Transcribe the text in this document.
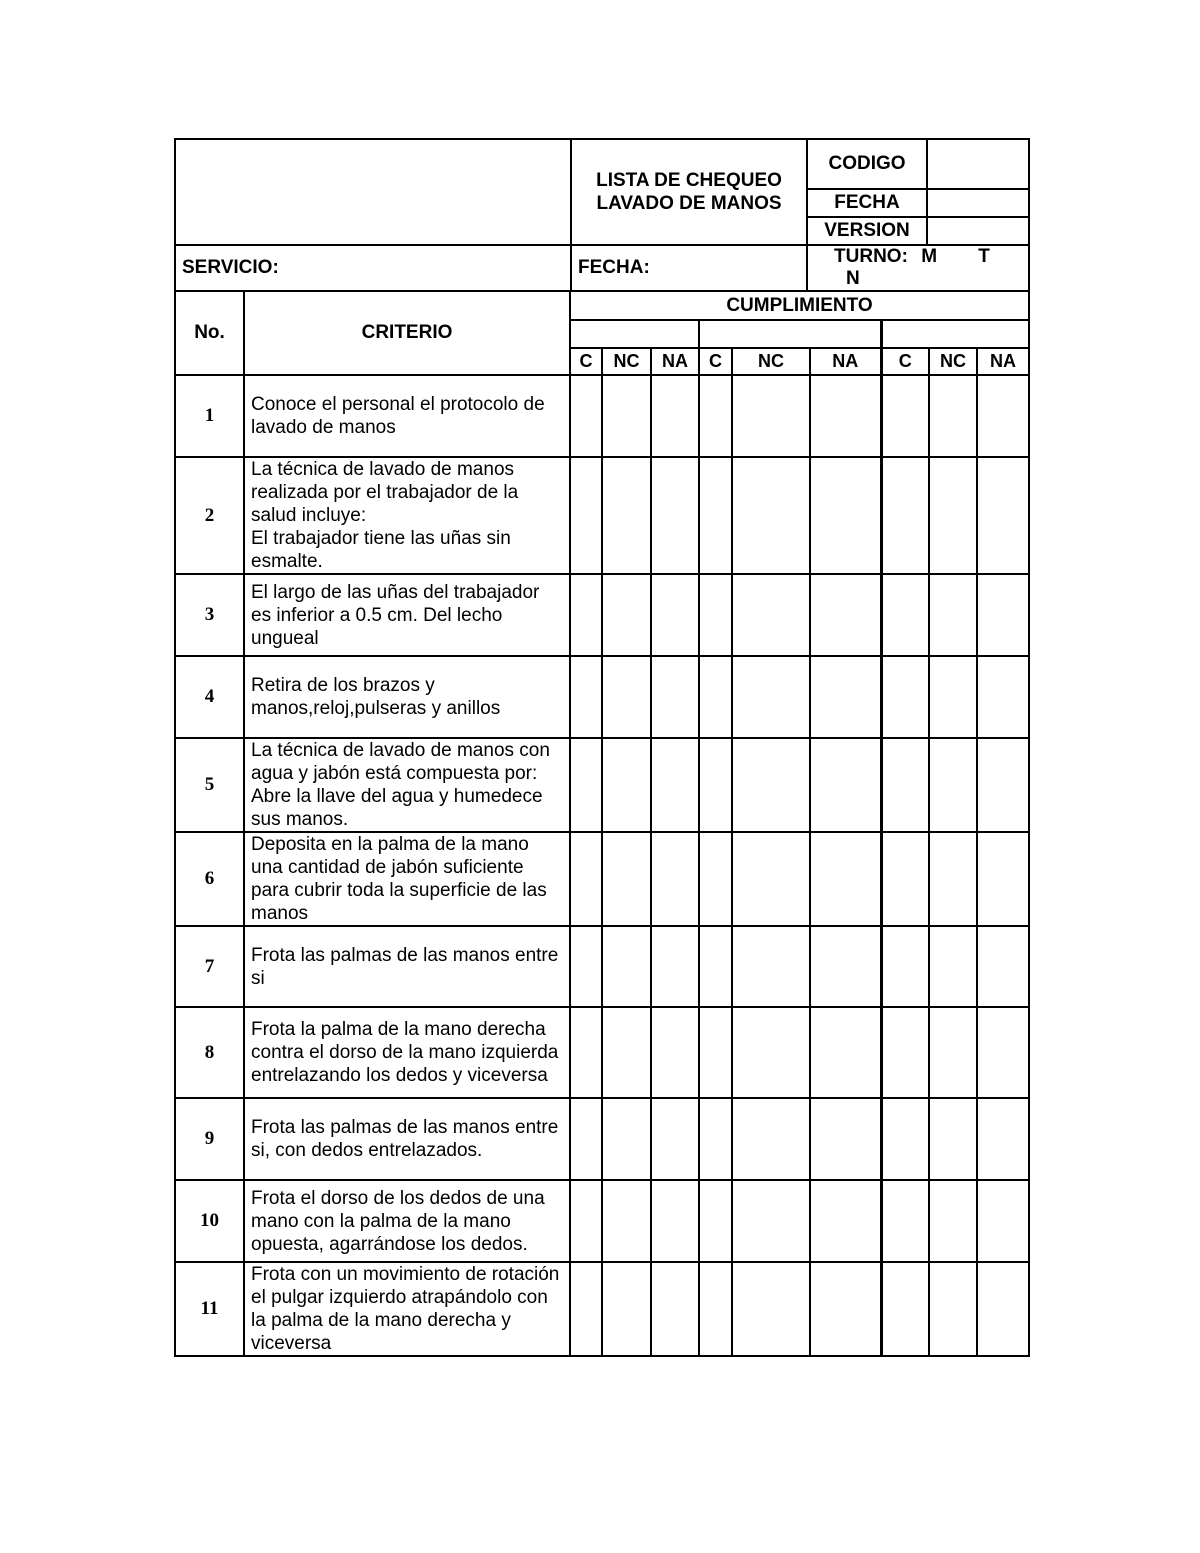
	LISTA DE CHEQUEO LAVADO DE MANOS	CODIGO	
		FECHA	
		VERSION	
SERVICIO:	FECHA:	TURNO: M T N	
No.	CRITERIO	CUMPLIMIENTO								

		C	NC	NA	C	NC	NA	C	NC	NA
1	Conoce el personal el protocolo de lavado de manos									
2	La técnica de lavado de manos realizada por el trabajador de la salud incluye:
El trabajador tiene las uñas sin esmalte.									
3	El largo de las uñas del trabajador es inferior a 0.5 cm. Del lecho ungueal									
4	Retira de los brazos y manos,reloj,pulseras y anillos									
5	La técnica de lavado de manos con agua y jabón está compuesta por:
Abre la llave del agua y humedece sus manos.									
6	Deposita en la palma de la mano una cantidad de jabón suficiente para cubrir toda la superficie de las manos									
7	Frota las palmas de las manos entre si									
8	Frota la palma de la mano derecha contra el dorso de la mano izquierda entrelazando los dedos y viceversa									
9	Frota las palmas de las manos entre si, con dedos entrelazados.									
10	Frota el dorso de los dedos de una mano con la palma de la mano opuesta, agarrándose los dedos.									
11	Frota con un movimiento de rotación el pulgar izquierdo atrapándolo con la palma de la mano derecha y viceversa									
